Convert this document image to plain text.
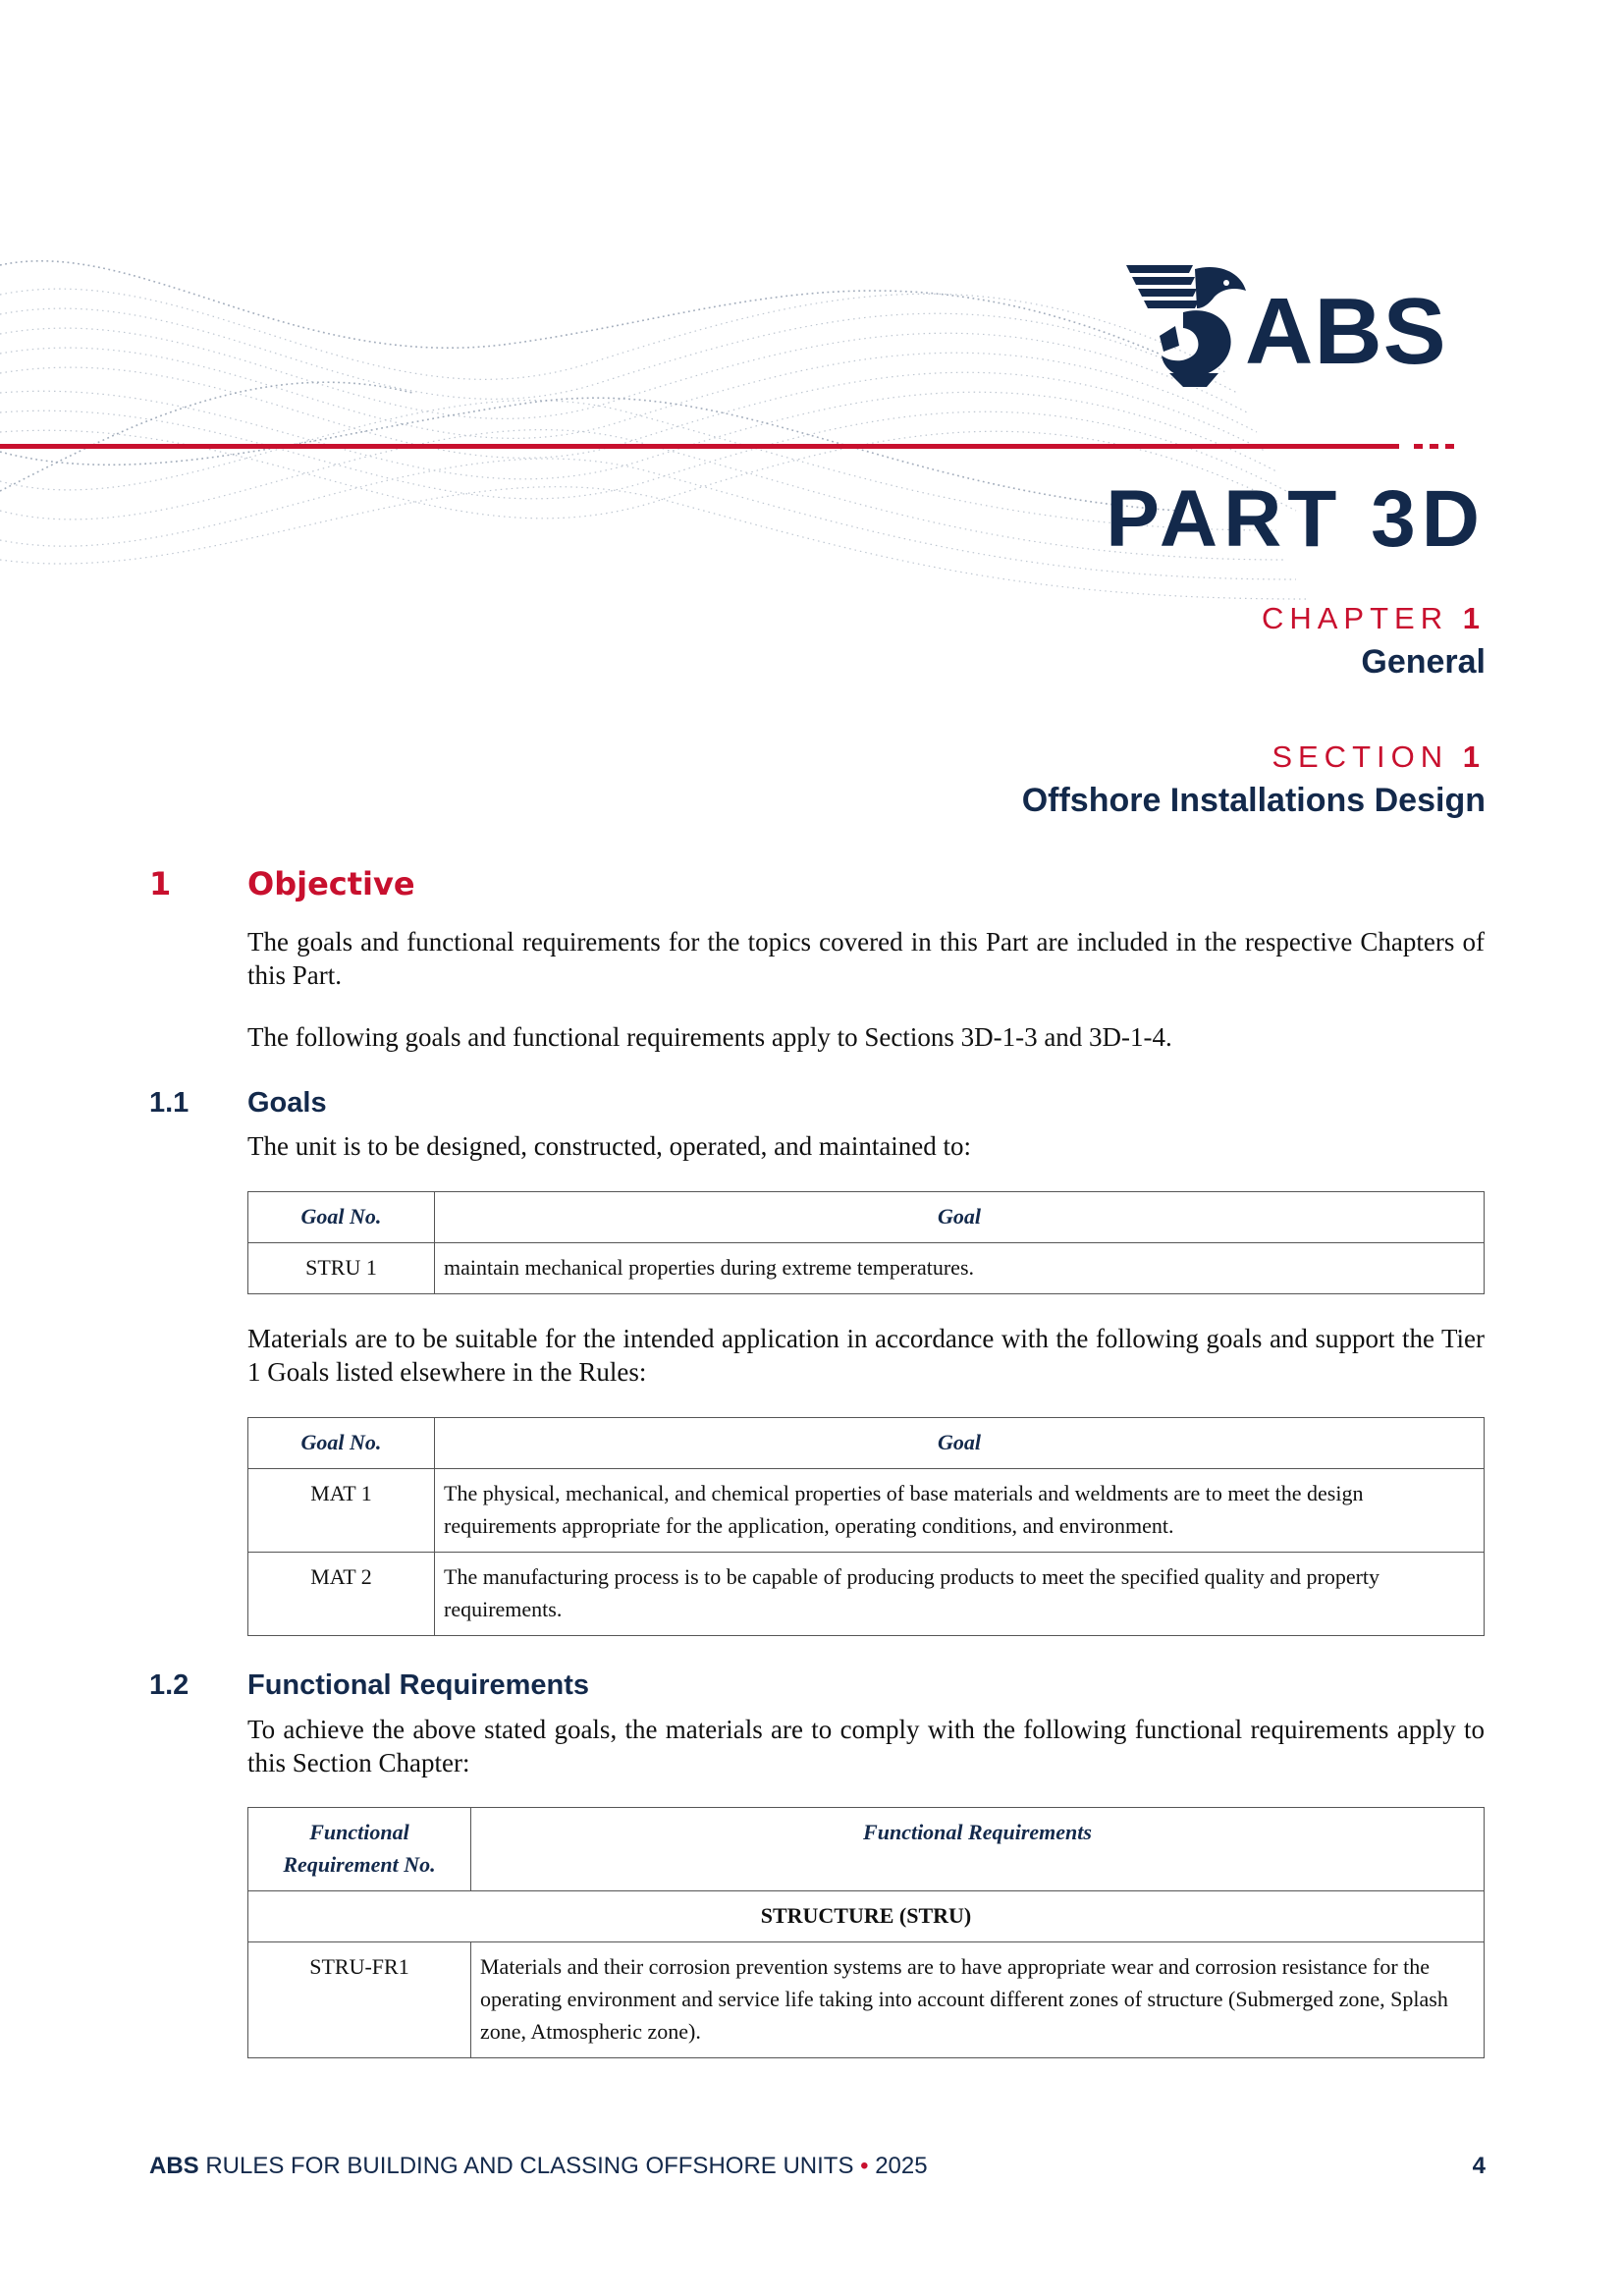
ABS
PART 3D
CHAPTER 1
General
SECTION 1
Offshore Installations Design
1 Objective

The goals and functional requirements for the topics covered in this Part are included in the respective Chapters of this Part.

The following goals and functional requirements apply to Sections 3D-1-3 and 3D-1-4.

1.1 Goals

The unit is to be designed, constructed, operated, and maintained to:

Goal No.	Goal
STRU 1	maintain mechanical properties during extreme temperatures.

Materials are to be suitable for the intended application in accordance with the following goals and support the Tier 1 Goals listed elsewhere in the Rules:

Goal No.	Goal
MAT 1	The physical, mechanical, and chemical properties of base materials and weldments are to meet the design requirements appropriate for the application, operating conditions, and environment.
MAT 2	The manufacturing process is to be capable of producing products to meet the specified quality and property requirements.
1.2 Functional Requirements

To achieve the above stated goals, the materials are to comply with the following functional requirements apply to this Section Chapter:

Functional Requirement No.	Functional Requirements
STRUCTURE (STRU)	
STRU-FR1	Materials and their corrosion prevention systems are to have appropriate wear and corrosion resistance for the operating environment and service life taking into account different zones of structure (Submerged zone, Splash zone, Atmospheric zone).
ABS RULES FOR BUILDING AND CLASSING OFFSHORE UNITS • 2025	4
